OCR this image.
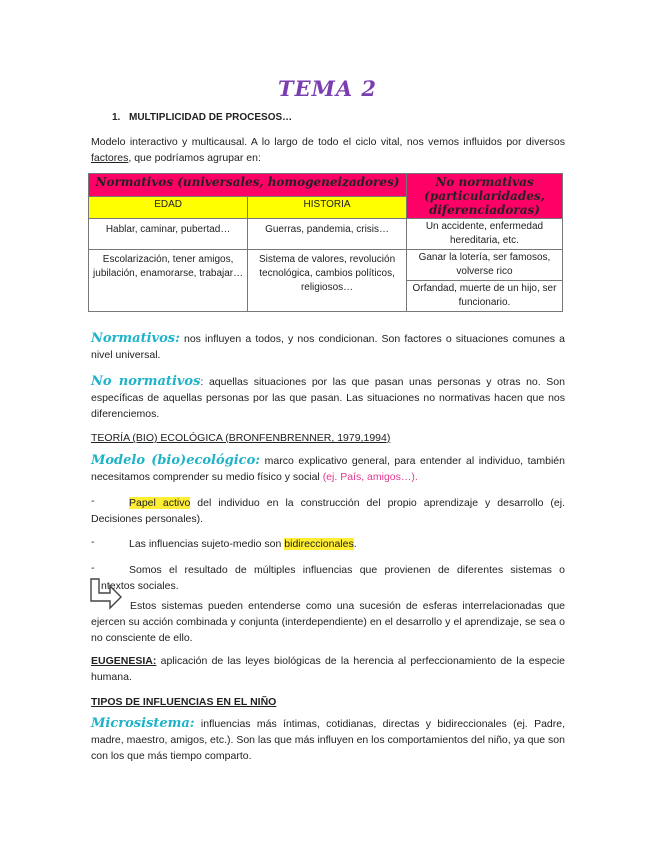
TEMA 2
1. MULTIPLICIDAD DE PROCESOS…
Modelo interactivo y multicausal. A lo largo de todo el ciclo vital, nos vemos influidos por diversos factores, que podríamos agrupar en:
Normativos (universales, homogeneizadores)		No normativas (particularidades, diferenciadoras)
EDAD	HISTORIA	
Hablar, caminar, pubertad…	Guerras, pandemia, crisis…	Un accidente, enfermedad hereditaria, etc.
Escolarización, tener amigos, jubilación, enamorarse, trabajar…	Sistema de valores, revolución tecnológica, cambios políticos, religiosos…	Ganar la lotería, ser famosos, volverse rico
		Orfandad, muerte de un hijo, ser funcionario.
Normativos: nos influyen a todos, y nos condicionan. Son factores o situaciones comunes a nivel universal.
No normativos: aquellas situaciones por las que pasan unas personas y otras no. Son específicas de aquellas personas por las que pasan. Las situaciones no normativas hacen que nos diferenciemos.
TEORÍA (BIO) ECOLÓGICA (BRONFENBRENNER, 1979,1994)
Modelo (bio)ecológico: marco explicativo general, para entender al individuo, también necesitamos comprender su medio físico y social (ej. País, amigos…).
-	Papel activo del individuo en la construcción del propio aprendizaje y desarrollo (ej. Decisiones personales).
-	Las influencias sujeto-medio son bidireccionales.
-	Somos el resultado de múltiples influencias que provienen de diferentes sistemas o
ntextos sociales.
Estos sistemas pueden entenderse como una sucesión de esferas interrelacionadas que ejercen su acción combinada y conjunta (interdependiente) en el desarrollo y el aprendizaje, se sea o no consciente de ello.
EUGENESIA: aplicación de las leyes biológicas de la herencia al perfeccionamiento de la especie humana.
TIPOS DE INFLUENCIAS EN EL NIÑO
Microsistema: influencias más íntimas, cotidianas, directas y bidireccionales (ej. Padre, madre, maestro, amigos, etc.). Son las que más influyen en los comportamientos del niño, ya que son con los que más tiempo comparto.
